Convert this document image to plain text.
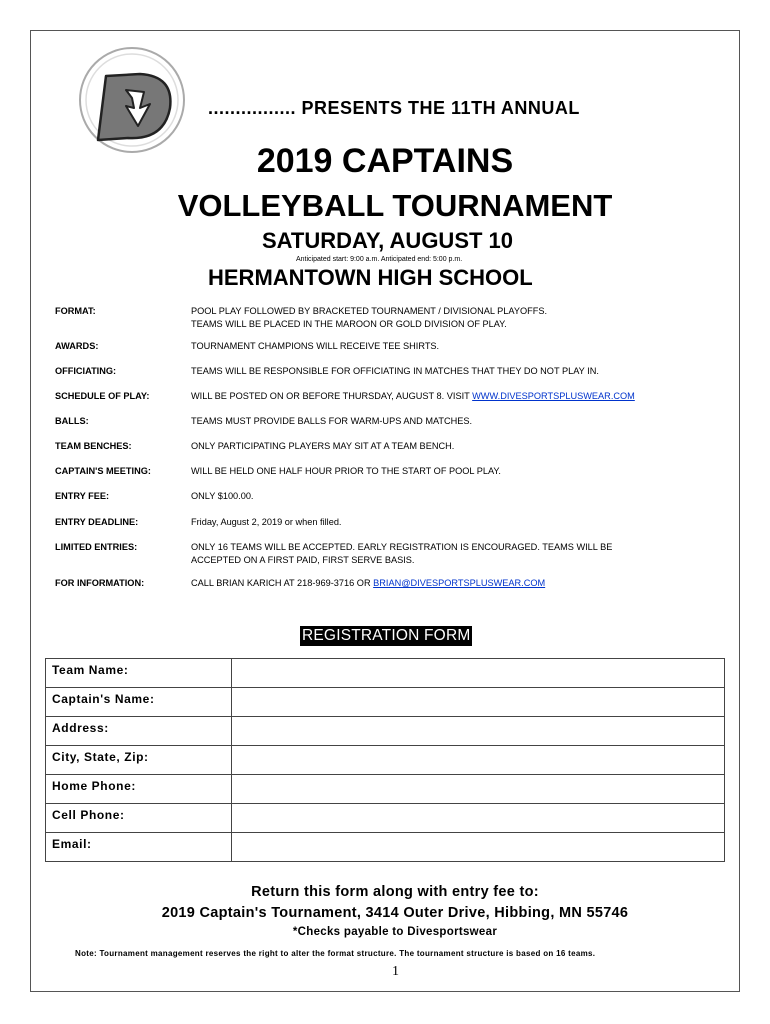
................ PRESENTS THE 11TH ANNUAL
2019 CAPTAINS
VOLLEYBALL TOURNAMENT
SATURDAY, AUGUST 10
Anticipated start: 9:00 a.m. Anticipated end: 5:00 p.m.
HERMANTOWN HIGH SCHOOL
FORMAT:	POOL PLAY FOLLOWED BY BRACKETED TOURNAMENT / DIVISIONAL PLAYOFFS.
TEAMS WILL BE PLACED IN THE MAROON OR GOLD DIVISION OF PLAY.
AWARDS:	TOURNAMENT CHAMPIONS WILL RECEIVE TEE SHIRTS.
OFFICIATING:	TEAMS WILL BE RESPONSIBLE FOR OFFICIATING IN MATCHES THAT THEY DO NOT PLAY IN.
SCHEDULE OF PLAY:	WILL BE POSTED ON OR BEFORE THURSDAY, AUGUST 8. VISIT WWW.DIVESPORTSPLUSWEAR.COM
BALLS:	TEAMS MUST PROVIDE BALLS FOR WARM-UPS AND MATCHES.
TEAM BENCHES:	ONLY PARTICIPATING PLAYERS MAY SIT AT A TEAM BENCH.
CAPTAIN'S MEETING:	WILL BE HELD ONE HALF HOUR PRIOR TO THE START OF POOL PLAY.
ENTRY FEE:	ONLY $100.00.
ENTRY DEADLINE:	Friday, August 2, 2019 or when filled.
LIMITED ENTRIES:	ONLY 16 TEAMS WILL BE ACCEPTED. EARLY REGISTRATION IS ENCOURAGED. TEAMS WILL BE
ACCEPTED ON A FIRST PAID, FIRST SERVE BASIS.
FOR INFORMATION:	CALL BRIAN KARICH AT 218-969-3716 OR BRIAN@DIVESPORTSPLUSWEAR.COM
REGISTRATION FORM
Team Name:	
Captain's Name:	
Address:	
City, State, Zip:	
Home Phone:	
Cell Phone:	
Email:	
Return this form along with entry fee to:
2019 Captain's Tournament, 3414 Outer Drive, Hibbing, MN 55746
*Checks payable to Divesportswear
Note: Tournament management reserves the right to alter the format structure. The tournament structure is based on 16 teams.
1
